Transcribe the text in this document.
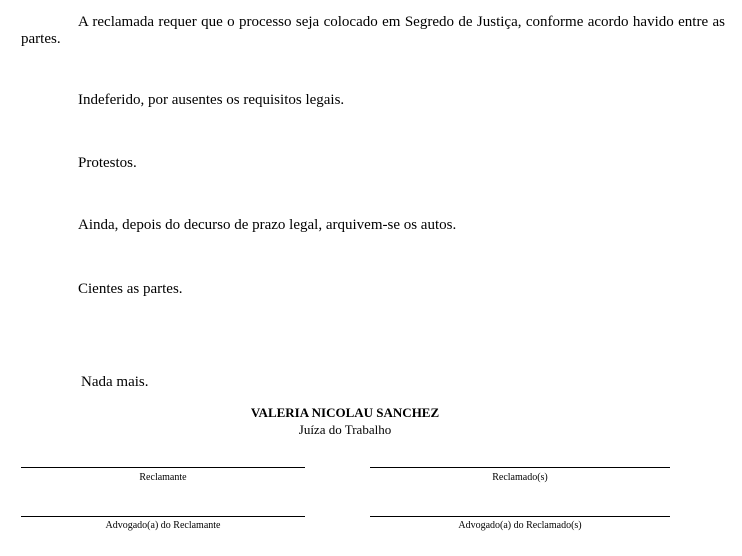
A reclamada requer que o processo seja colocado em Segredo de Justiça, conforme acordo havido entre as partes.

Indeferido, por ausentes os requisitos legais.

Protestos.

Ainda, depois do decurso de prazo legal, arquivem-se os autos.

Cientes as partes.

Nada mais.

VALERIA NICOLAU SANCHEZ
Juíza do Trabalho
Reclamante	Reclamado(s)
Advogado(a) do Reclamante	Advogado(a) do Reclamado(s)
